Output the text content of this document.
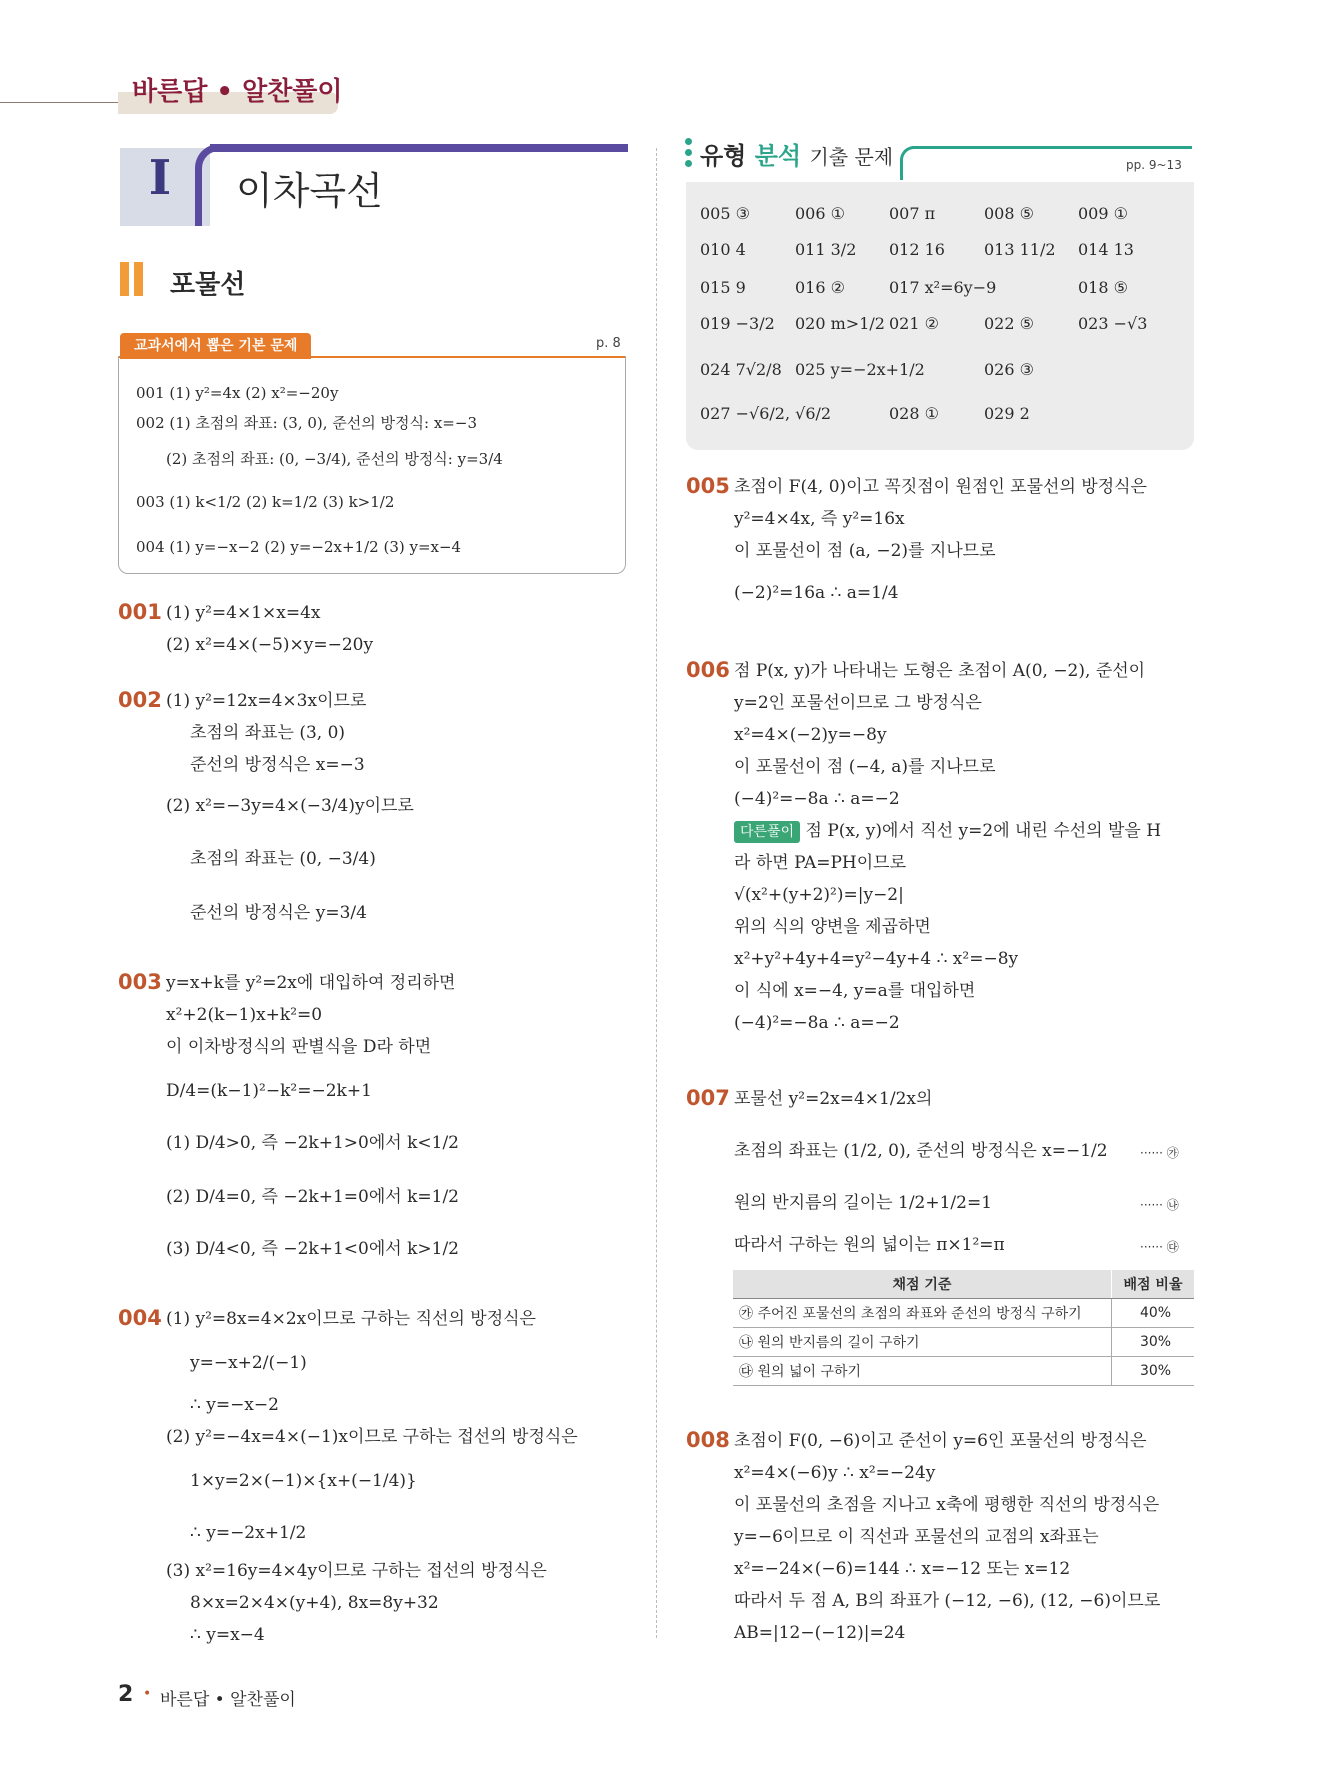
바른답 • 알찬풀이
I	이차곡선
포물선
교과서에서 뽑은 기본 문제	p. 8
001 (1) y²=4x (2) x²=−20y
002 (1) 초점의 좌표: (3, 0), 준선의 방정식: x=−3
(2) 초점의 좌표: (0, −3/4), 준선의 방정식: y=3/4
003 (1) k<1/2 (2) k=1/2 (3) k>1/2
004 (1) y=−x−2 (2) y=−2x+1/2 (3) y=x−4
001 (1) y²=4×1×x=4x
(2) x²=4×(−5)×y=−20y
002 (1) y²=12x=4×3x이므로
초점의 좌표는 (3, 0)
준선의 방정식은 x=−3
(2) x²=−3y=4×(−3/4)y이므로
초점의 좌표는 (0, −3/4)
준선의 방정식은 y=3/4
003 y=x+k를 y²=2x에 대입하여 정리하면
x²+2(k−1)x+k²=0
이 이차방정식의 판별식을 D라 하면
D/4=(k−1)²−k²=−2k+1
(1) D/4>0, 즉 −2k+1>0에서 k<1/2
(2) D/4=0, 즉 −2k+1=0에서 k=1/2
(3) D/4<0, 즉 −2k+1<0에서 k>1/2
004 (1) y²=8x=4×2x이므로 구하는 직선의 방정식은
y=−x+2/(−1)
∴ y=−x−2
(2) y²=−4x=4×(−1)x이므로 구하는 접선의 방정식은
1×y=2×(−1)×{x+(−1/4)}
∴ y=−2x+1/2
(3) x²=16y=4×4y이므로 구하는 접선의 방정식은
8×x=2×4×(y+4), 8x=8y+32
∴ y=x−4
유형 분석 기출 문제	pp. 9~13
005 ③	006 ①	007 π	008 ⑤	009 ①
010 4	011 3/2 012 16 013 11/2 014 13
015 9	016 ②	017 x²=6y−9	018 ⑤
019 −3/2 020 m>1/2 021 ②	022 ⑤	023 −√3
024 7√2/8 025 y=−2x+1/2	026 ③
027 −√6/2, √6/2	028 ①	029 2
005 초점이 F(4, 0)이고 꼭짓점이 원점인 포물선의 방정식은
y²=4×4x, 즉 y²=16x
이 포물선이 점 (a, −2)를 지나므로
(−2)²=16a ∴ a=1/4
006 점 P(x, y)가 나타내는 도형은 초점이 A(0, −2), 준선이
y=2인 포물선이므로 그 방정식은
x²=4×(−2)y=−8y
이 포물선이 점 (−4, a)를 지나므로
(−4)²=−8a ∴ a=−2
다른풀이 점 P(x, y)에서 직선 y=2에 내린 수선의 발을 H
라 하면 PA=PH이므로
√(x²+(y+2)²)=|y−2|
위의 식의 양변을 제곱하면
x²+y²+4y+4=y²−4y+4 ∴ x²=−8y
이 식에 x=−4, y=a를 대입하면
(−4)²=−8a ∴ a=−2
007 포물선 y²=2x=4×1/2x의
초점의 좌표는 (1/2, 0), 준선의 방정식은 x=−1/2
원의 반지름의 길이는 1/2+1/2=1
따라서 구하는 원의 넓이는 π×1²=π
······ ㉮
······ ㉯
······ ㉰
채점 기준	배점 비율
㉮ 주어진 포물선의 초점의 좌표와 준선의 방정식 구하기	40%
㉯ 원의 반지름의 길이 구하기	30%
㉰ 원의 넓이 구하기	30%
008 초점이 F(0, −6)이고 준선이 y=6인 포물선의 방정식은
x²=4×(−6)y ∴ x²=−24y
이 포물선의 초점을 지나고 x축에 평행한 직선의 방정식은
y=−6이므로 이 직선과 포물선의 교점의 x좌표는
x²=−24×(−6)=144 ∴ x=−12 또는 x=12
따라서 두 점 A, B의 좌표가 (−12, −6), (12, −6)이므로
AB=|12−(−12)|=24
2 • 바른답 • 알찬풀이
